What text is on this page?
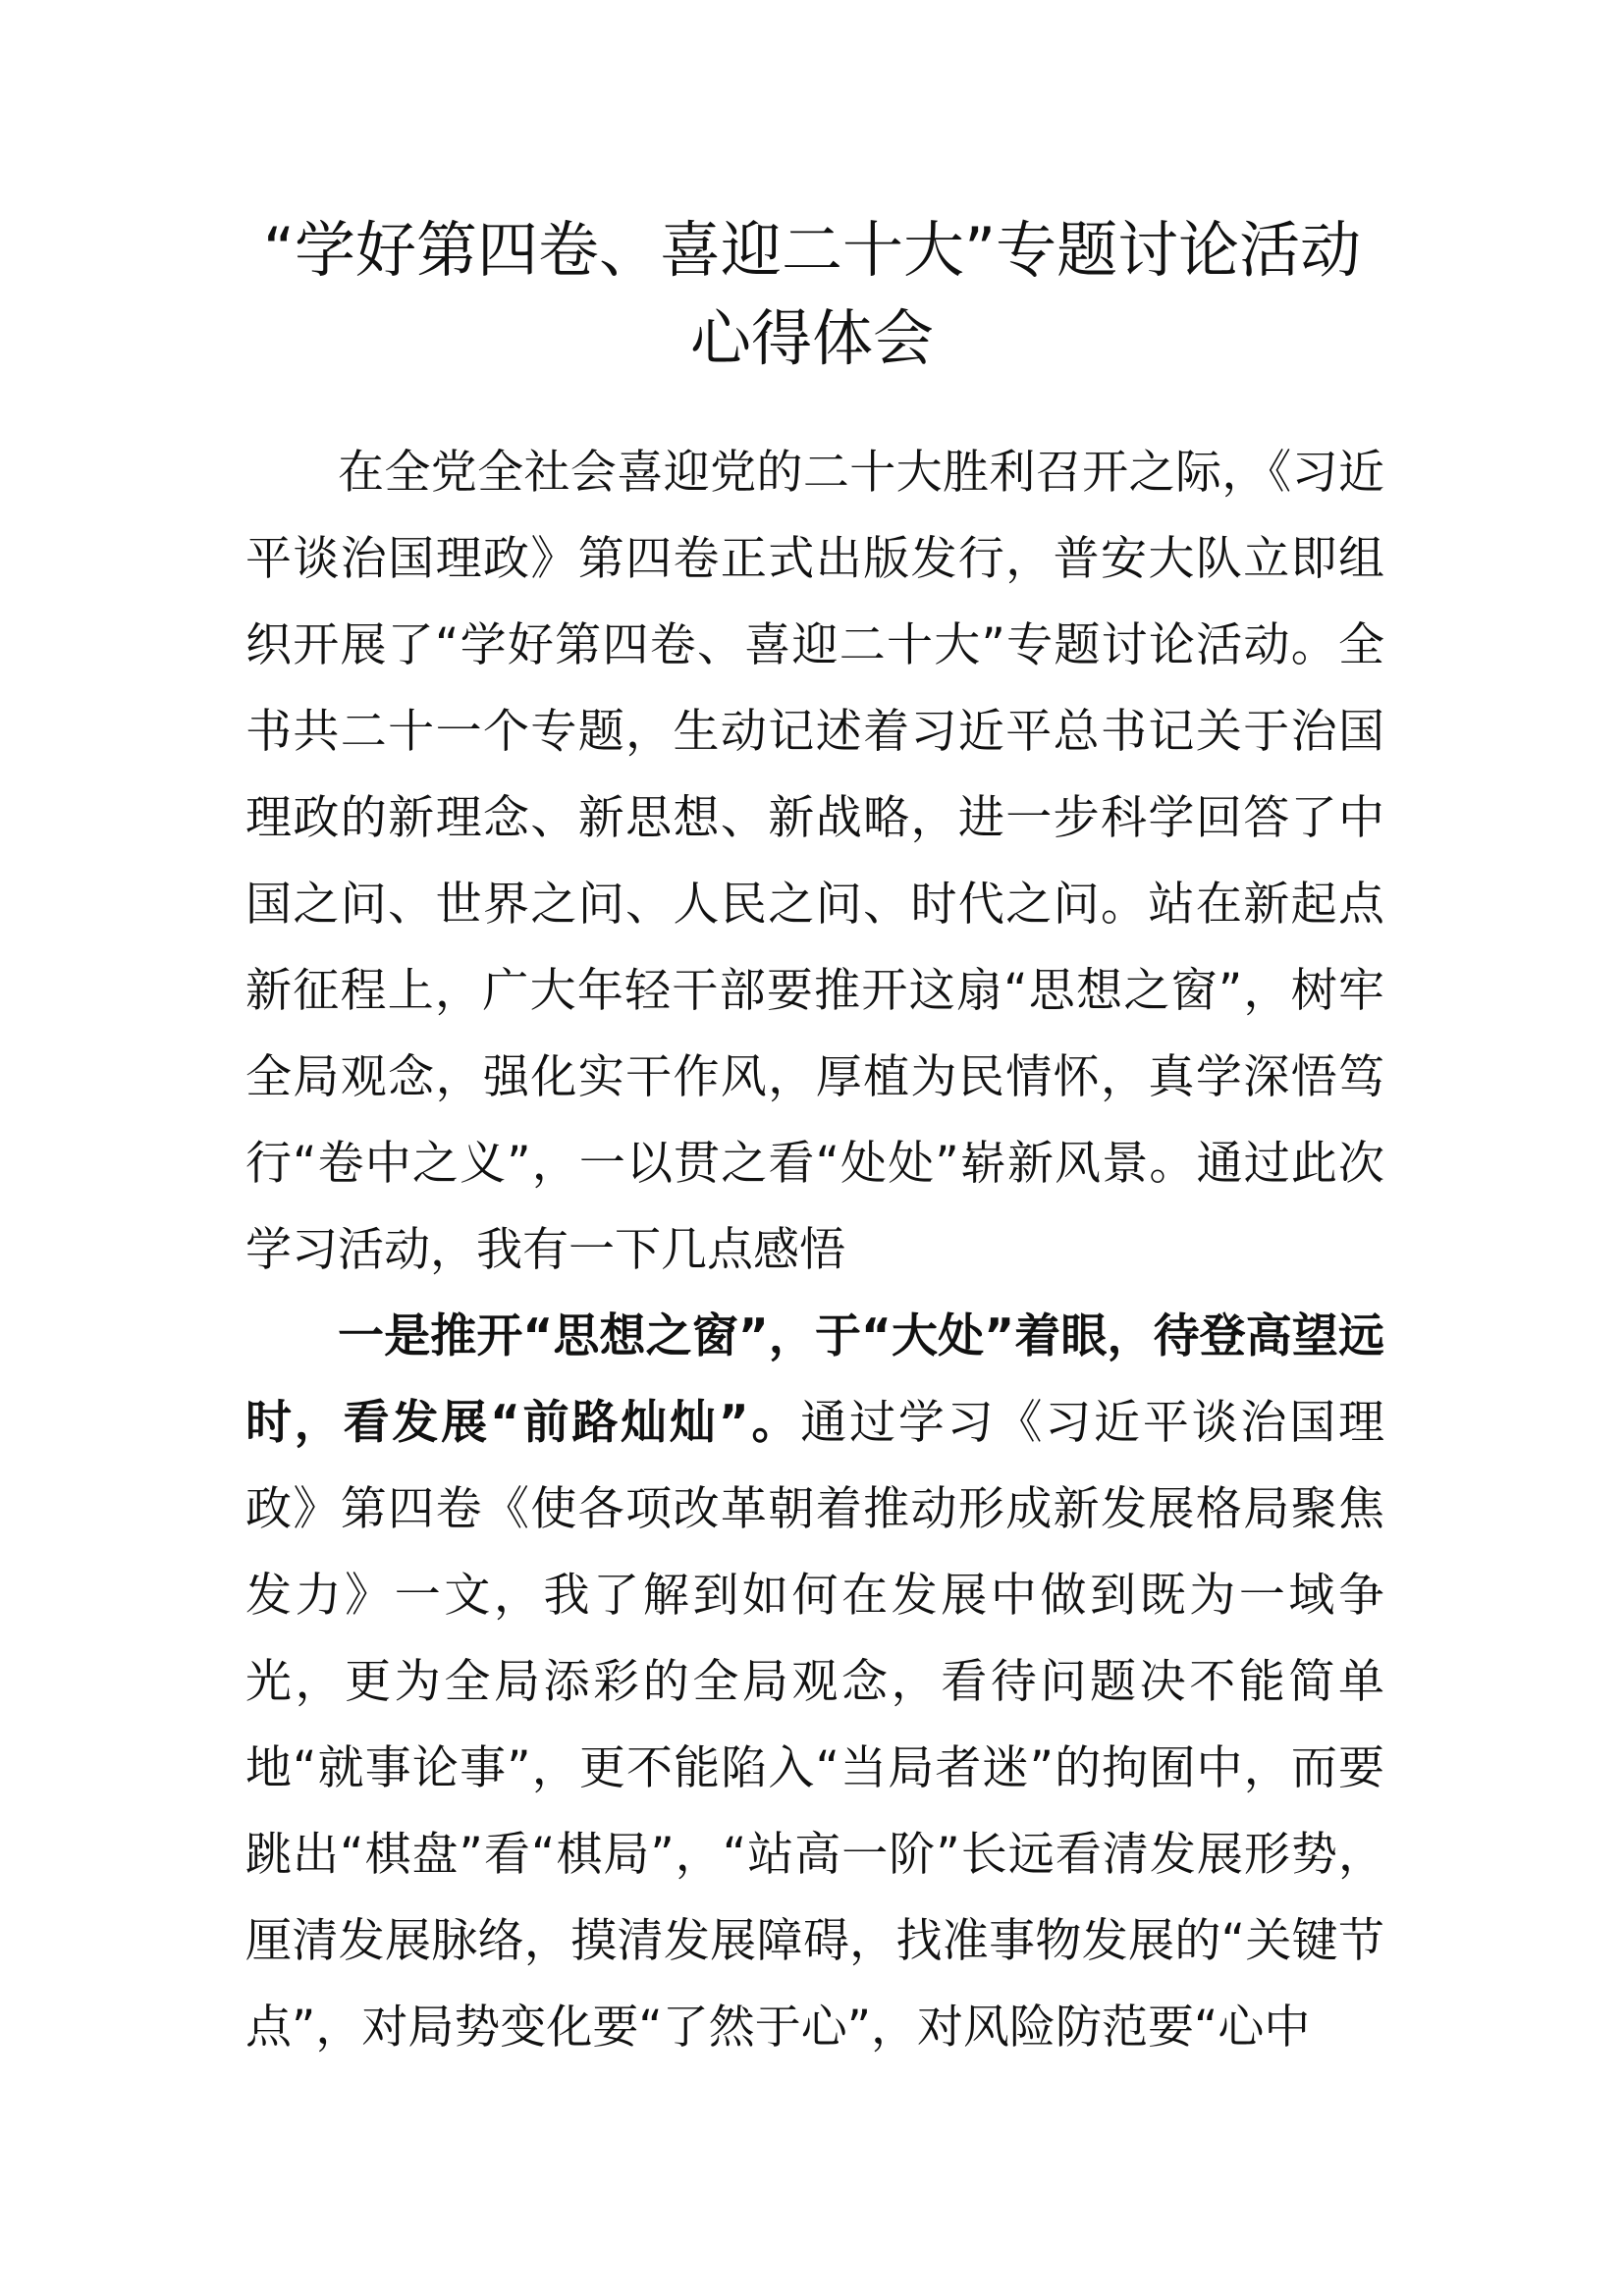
“学好第四卷、喜迎二十大”专题讨论活动
心得体会

在全党全社会喜迎党的二十大胜利召开之际，《习近平谈治国理政》第四卷正式出版发行，普安大队立即组织开展了“学好第四卷、喜迎二十大”专题讨论活动。全书共二十一个专题，生动记述着习近平总书记关于治国理政的新理念、新思想、新战略，进一步科学回答了中国之问、世界之问、人民之问、时代之问。站在新起点新征程上，广大年轻干部要推开这扇“思想之窗”，树牢全局观念，强化实干作风，厚植为民情怀，真学深悟笃行“卷中之义”，一以贯之看“处处”崭新风景。通过此次学习活动，我有一下几点感悟

一是推开“思想之窗”，于“大处”着眼，待登高望远时，看发展“前路灿灿”。通过学习《习近平谈治国理政》第四卷《使各项改革朝着推动形成新发展格局聚焦发力》一文，我了解到如何在发展中做到既为一域争光，更为全局添彩的全局观念，看待问题决不能简单地“就事论事”，更不能陷入“当局者迷”的拘囿中，而要跳出“棋盘”看“棋局”，“站高一阶”长远看清发展形势，厘清发展脉络，摸清发展障碍，找准事物发展的“关键节点”，对局势变化要“了然于心”，对风险防范要“心中
